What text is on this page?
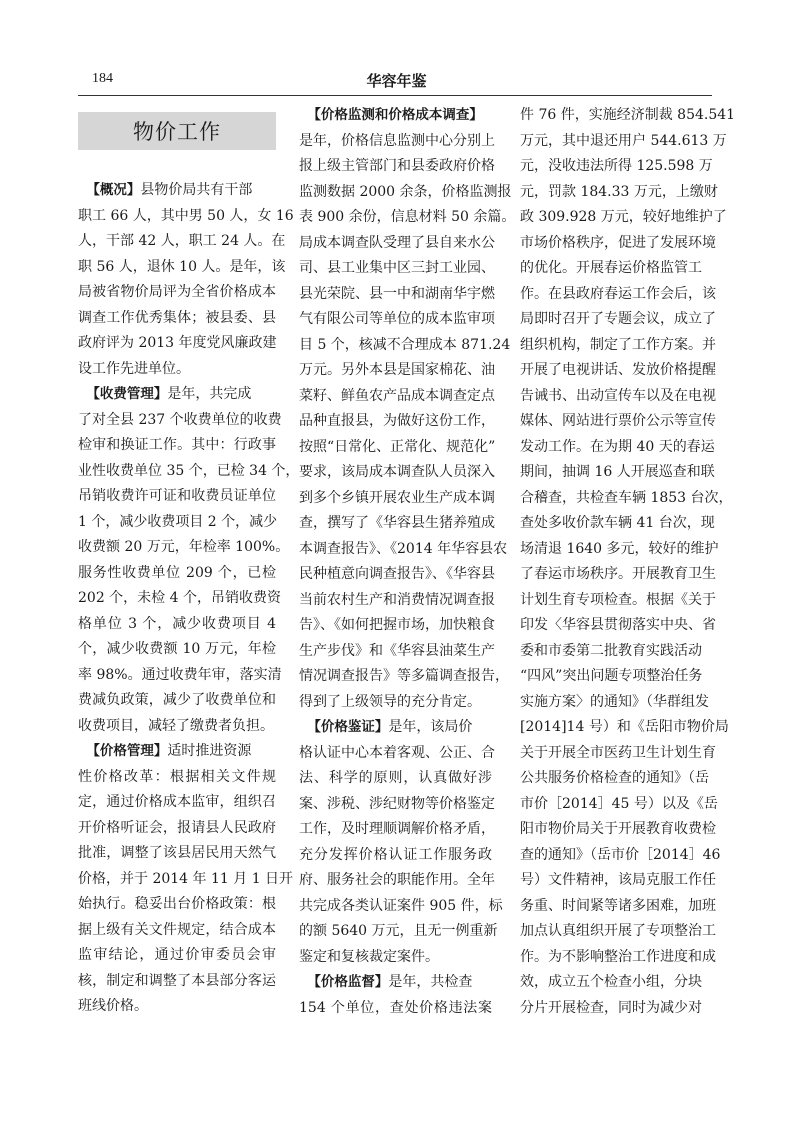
184	华容年鉴
物价工作
【概况】县物价局共有干部
职工 66 人，其中男 50 人，女 16
人，干部 42 人，职工 24 人。在
职 56 人，退休 10 人。是年，该
局被省物价局评为全省价格成本
调查工作优秀集体；被县委、县
政府评为 2013 年度党风廉政建
设工作先进单位。
【收费管理】是年，共完成
了对全县 237 个收费单位的收费
检审和换证工作。其中：行政事
业性收费单位 35 个，已检 34 个，
吊销收费许可证和收费员证单位
1 个，减少收费项目 2 个，减少
收费额 20 万元，年检率 100%。
服务性收费单位 209 个，已检
202 个，未检 4 个，吊销收费资
格单位 3 个，减少收费项目 4
个，减少收费额 10 万元，年检
率 98%。通过收费年审，落实清
费减负政策，减少了收费单位和
收费项目，减轻了缴费者负担。
【价格管理】适时推进资源
性价格改革：根据相关文件规
定，通过价格成本监审，组织召
开价格听证会，报请县人民政府
批准，调整了该县居民用天然气
价格，并于 2014 年 11 月 1 日开
始执行。稳妥出台价格政策：根
据上级有关文件规定，结合成本
监审结论，通过价审委员会审
核，制定和调整了本县部分客运
班线价格。
【价格监测和价格成本调查】
是年，价格信息监测中心分别上
报上级主管部门和县委政府价格
监测数据 2000 余条，价格监测报
表 900 余份，信息材料 50 余篇。
局成本调查队受理了县自来水公
司、县工业集中区三封工业园、
县光荣院、县一中和湖南华宇燃
气有限公司等单位的成本监审项
目 5 个，核减不合理成本 871.24
万元。另外本县是国家棉花、油
菜籽、鲜鱼农产品成本调查定点
品种直报县，为做好这份工作，
按照“日常化、正常化、规范化”
要求，该局成本调查队人员深入
到多个乡镇开展农业生产成本调
查，撰写了《华容县生猪养殖成
本调查报告》、《2014 年华容县农
民种植意向调查报告》、《华容县
当前农村生产和消费情况调查报
告》、《如何把握市场，加快粮食
生产步伐》和《华容县油菜生产
情况调查报告》等多篇调查报告，
得到了上级领导的充分肯定。
【价格鉴证】是年，该局价
格认证中心本着客观、公正、合
法、科学的原则，认真做好涉
案、涉税、涉纪财物等价格鉴定
工作，及时理顺调解价格矛盾，
充分发挥价格认证工作服务政
府、服务社会的职能作用。全年
共完成各类认证案件 905 件，标
的额 5640 万元，且无一例重新
鉴定和复核裁定案件。
【价格监督】是年，共检查
154 个单位，查处价格违法案
件 76 件，实施经济制裁 854.541
万元，其中退还用户 544.613 万
元，没收违法所得 125.598 万
元，罚款 184.33 万元，上缴财
政 309.928 万元，较好地维护了
市场价格秩序，促进了发展环境
的优化。开展春运价格监管工
作。在县政府春运工作会后，该
局即时召开了专题会议，成立了
组织机构，制定了工作方案。并
开展了电视讲话、发放价格提醒
告诫书、出动宣传车以及在电视
媒体、网站进行票价公示等宣传
发动工作。在为期 40 天的春运
期间，抽调 16 人开展巡查和联
合稽查，共检查车辆 1853 台次，
查处多收价款车辆 41 台次，现
场清退 1640 多元，较好的维护
了春运市场秩序。开展教育卫生
计划生育专项检查。根据《关于
印发〈华容县贯彻落实中央、省
委和市委第二批教育实践活动
“四风”突出问题专项整治任务
实施方案〉的通知》（华群组发
[2014]14 号）和《岳阳市物价局
关于开展全市医药卫生计划生育
公共服务价格检查的通知》（岳
市价［2014］45 号）以及《岳
阳市物价局关于开展教育收费检
查的通知》（岳市价［2014］46
号）文件精神，该局克服工作任
务重、时间紧等诸多困难，加班
加点认真组织开展了专项整治工
作。为不影响整治工作进度和成
效，成立五个检查小组，分块
分片开展检查，同时为减少对
